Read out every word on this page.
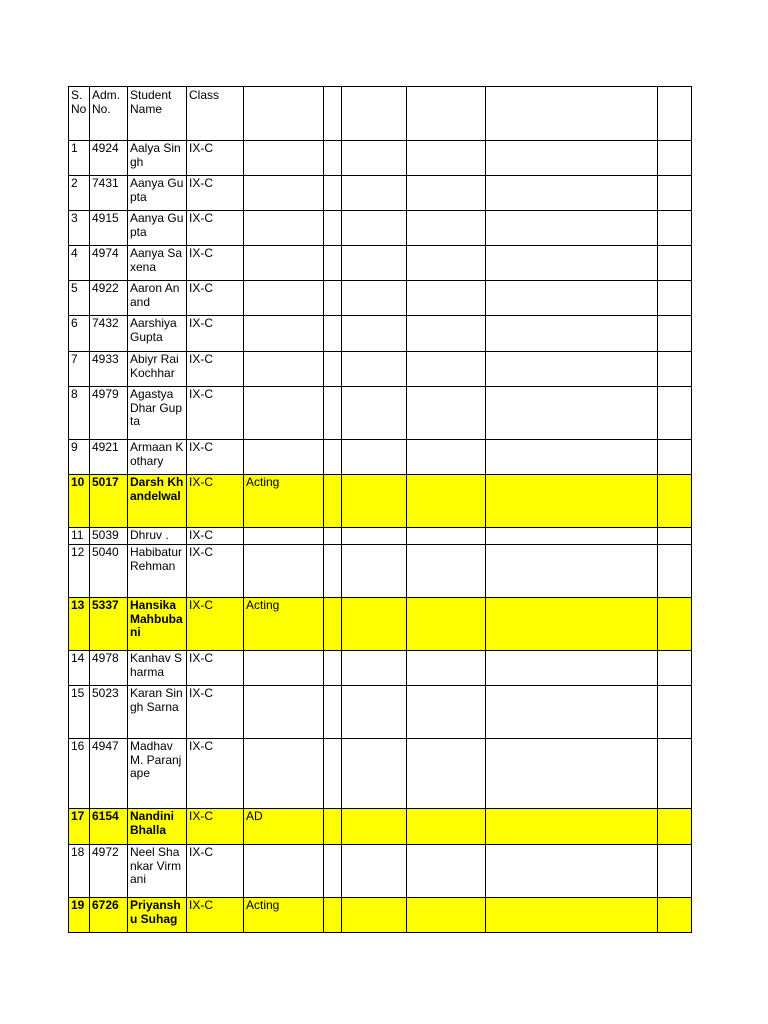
S.No	Adm. No.	Student Name	Class						
1	4924	Aalya Singh	IX-C						
2	7431	Aanya Gupta	IX-C						
3	4915	Aanya Gupta	IX-C						
4	4974	Aanya Saxena	IX-C						
5	4922	Aaron Anand	IX-C						
6	7432	Aarshiya Gupta	IX-C						
7	4933	Abiyr Rai Kochhar	IX-C						
8	4979	Agastya Dhar Gupta	IX-C						
9	4921	Armaan Kothary	IX-C						
10	5017	Darsh Khandelwal	IX-C	Acting					
11	5039	Dhruv .	IX-C						
12	5040	Habibatur Rehman	IX-C						
13	5337	Hansika Mahbubani	IX-C	Acting					
14	4978	Kanhav Sharma	IX-C						
15	5023	Karan Singh Sarna	IX-C						
16	4947	Madhav M. Paranjape	IX-C						
17	6154	Nandini Bhalla	IX-C	AD					
18	4972	Neel Shankar Virmani	IX-C						
19	6726	Priyanshu Suhag	IX-C	Acting					
